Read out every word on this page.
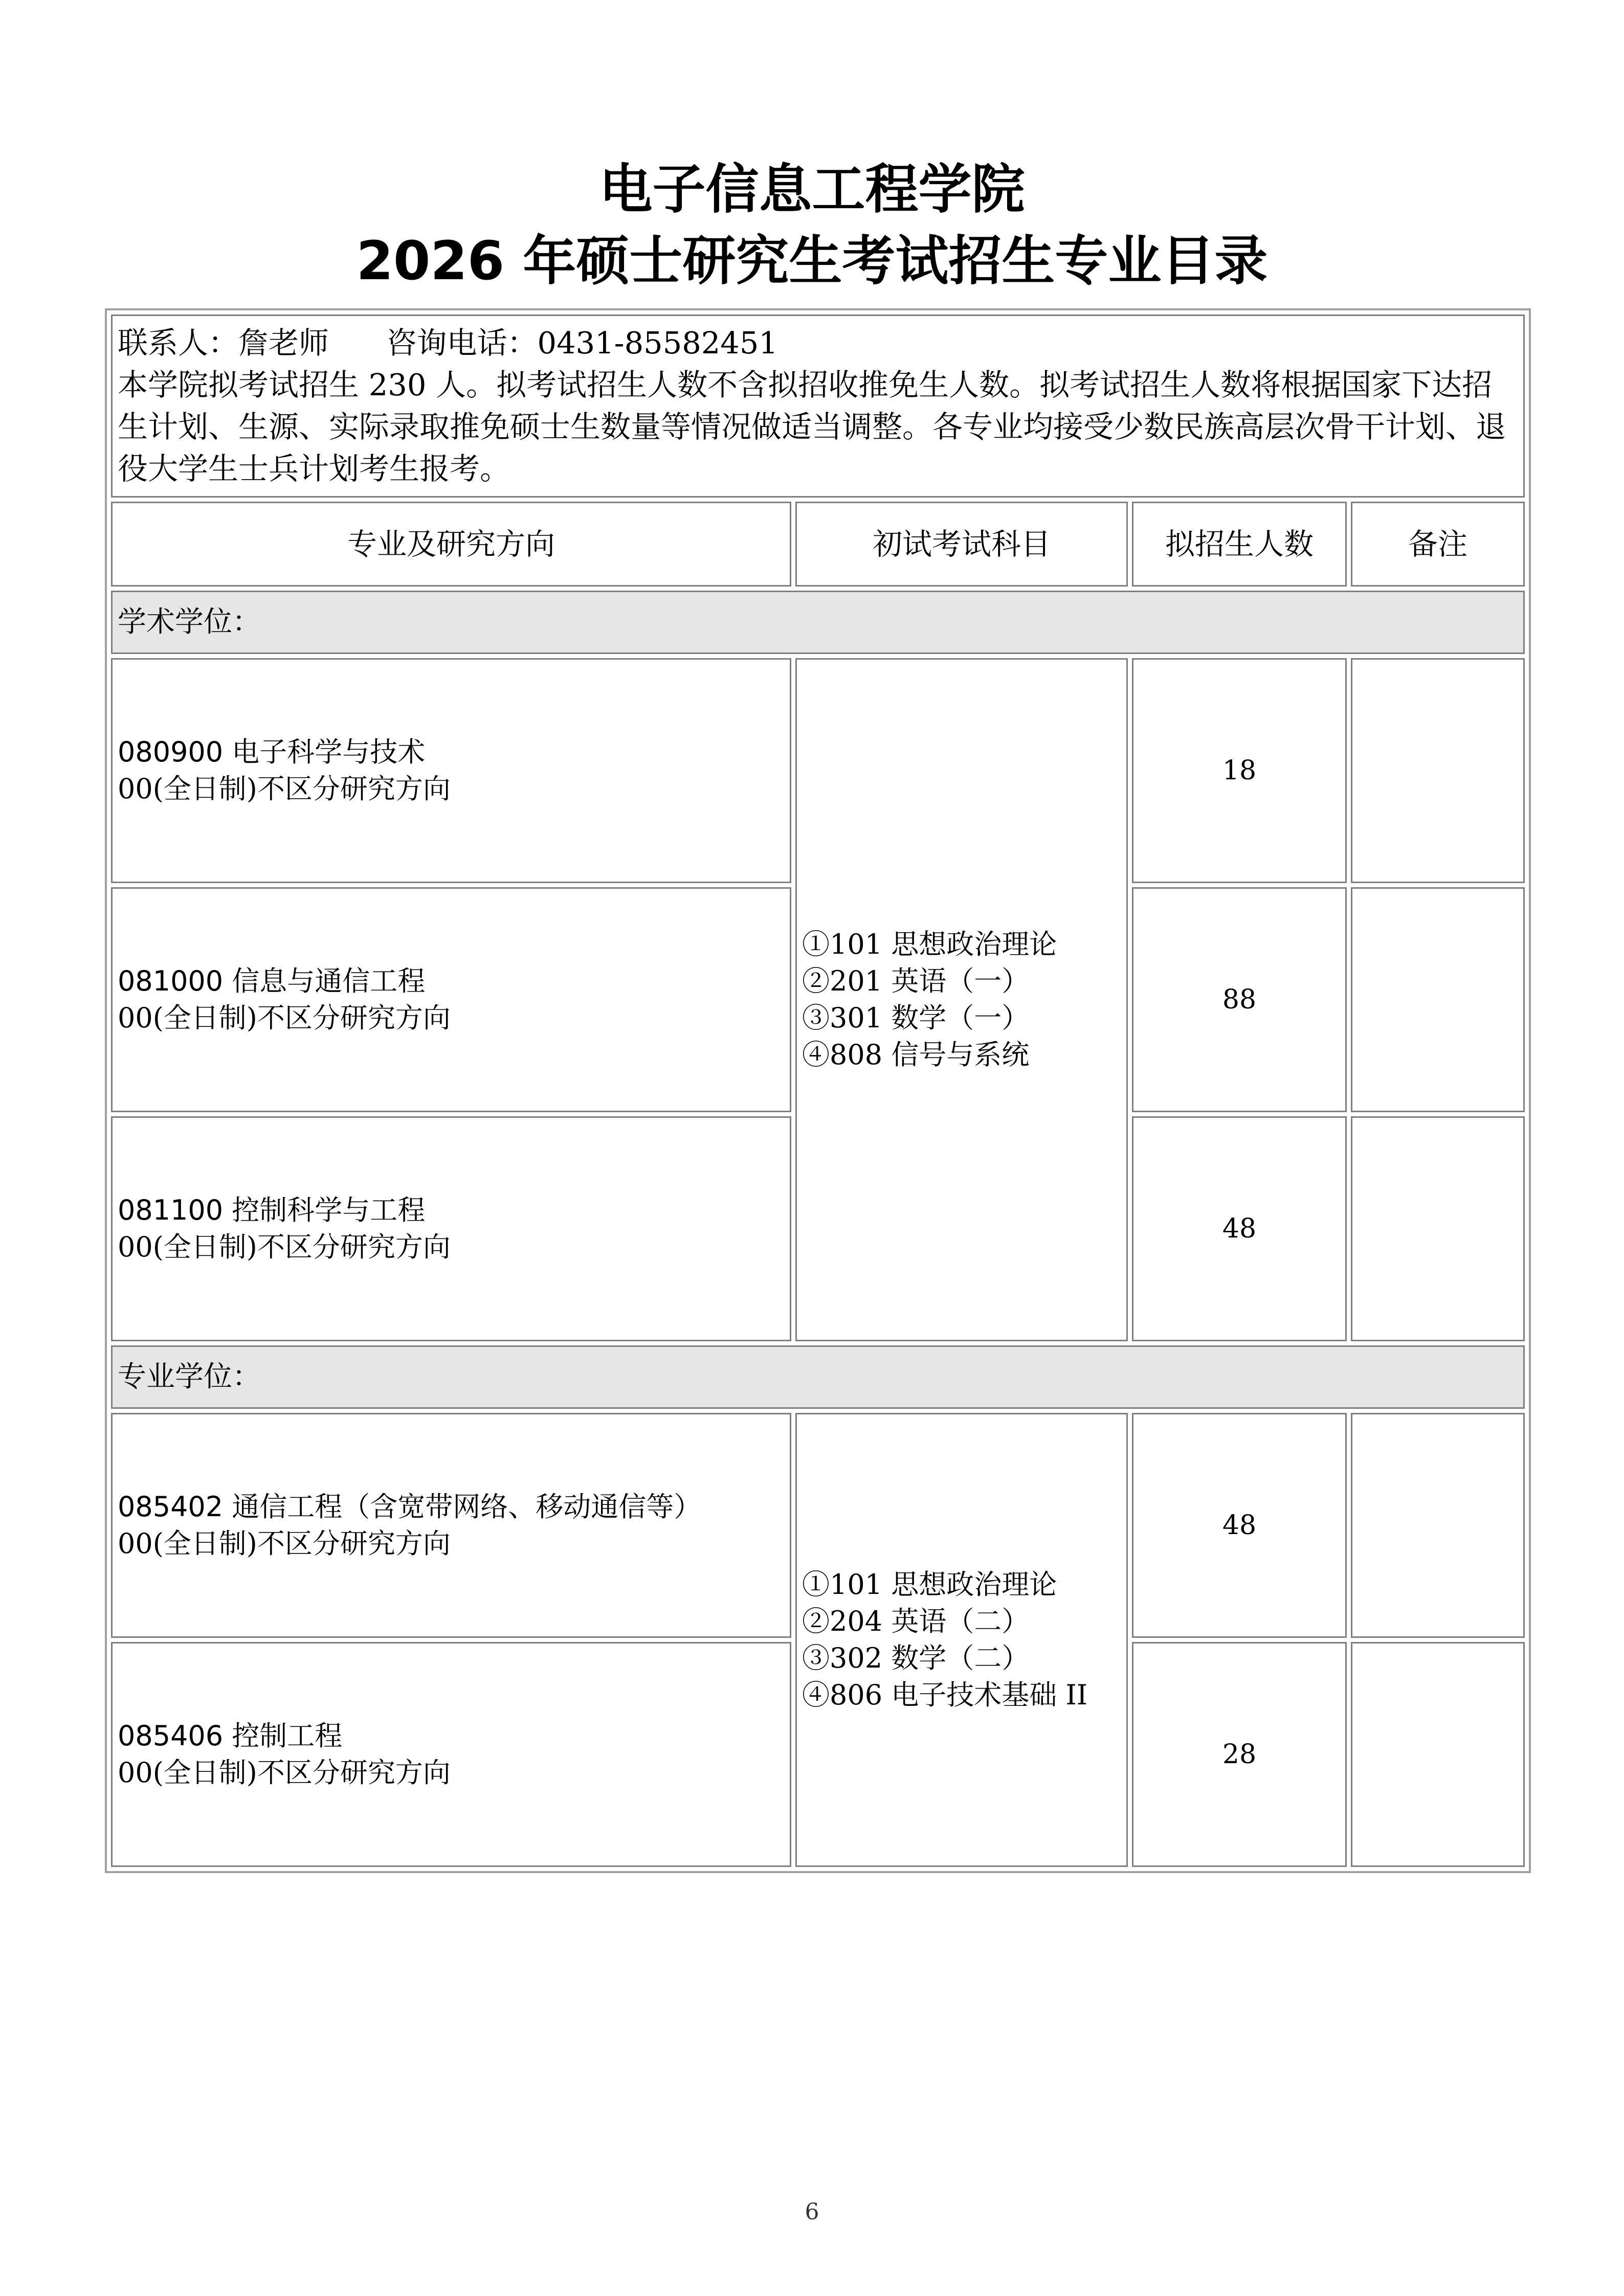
电子信息工程学院
2026 年硕士研究生考试招生专业目录
联系人：詹老师      咨询电话：0431-85582451
本学院拟考试招生 230 人。拟考试招生人数不含拟招收推免生人数。拟考试招生人数将根据国家下达招生计划、生源、实际录取推免硕士生数量等情况做适当调整。各专业均接受少数民族高层次骨干计划、退役大学生士兵计划考生报考。			

专业及研究方向	初试考试科目	拟招生人数	备注
学术学位：			

080900 电子科学与技术
00(全日制)不区分研究方向	①101 思想政治理论
②201 英语（一）
③301 数学（一）
④808 信号与系统	18	

081000 信息与通信工程
00(全日制)不区分研究方向		88	

081100 控制科学与工程
00(全日制)不区分研究方向		48	
专业学位：			

085402 通信工程（含宽带网络、移动通信等）
00(全日制)不区分研究方向	①101 思想政治理论
②204 英语（二）
③302 数学（二）
④806 电子技术基础 II	48	

085406 控制工程
00(全日制)不区分研究方向		28	
6
